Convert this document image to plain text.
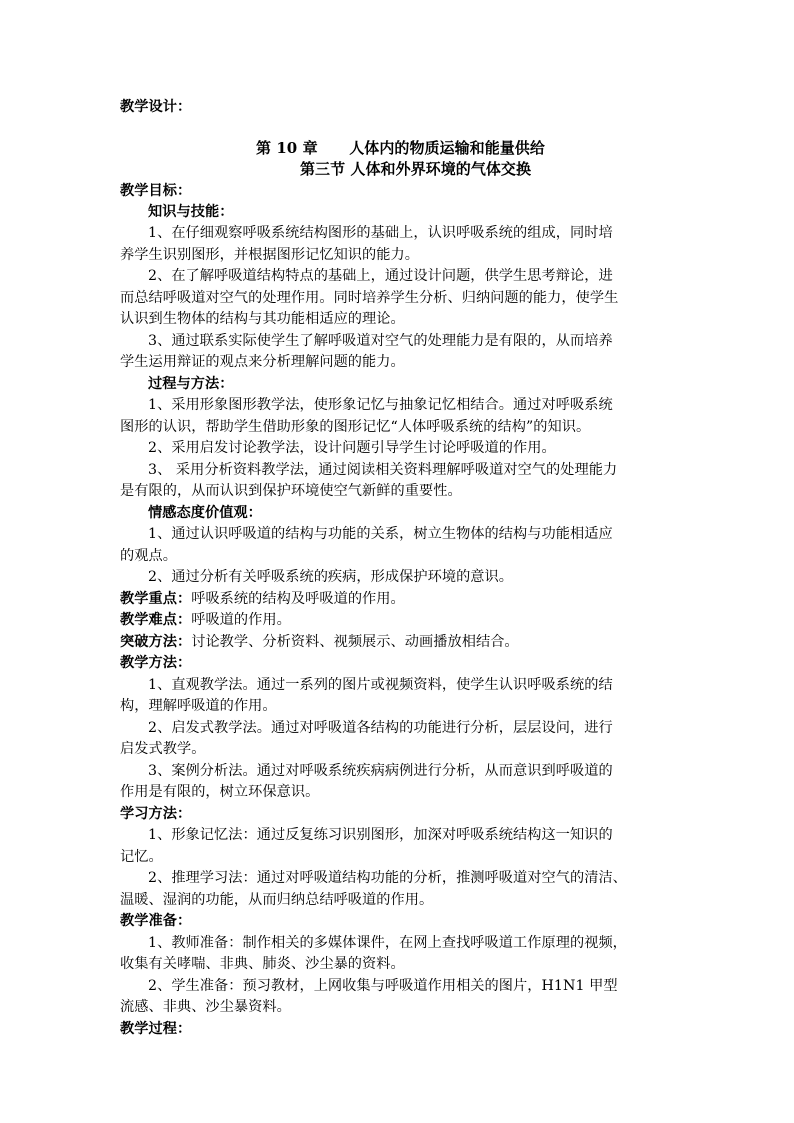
教学设计：
第 10 章      人体内的物质运输和能量供给
第三节 人体和外界环境的气体交换
教学目标：
知识与技能：
1、在仔细观察呼吸系统结构图形的基础上，认识呼吸系统的组成，同时培
养学生识别图形，并根据图形记忆知识的能力。
2、在了解呼吸道结构特点的基础上，通过设计问题，供学生思考辩论，进
而总结呼吸道对空气的处理作用。同时培养学生分析、归纳问题的能力，使学生
认识到生物体的结构与其功能相适应的理论。
3、通过联系实际使学生了解呼吸道对空气的处理能力是有限的，从而培养
学生运用辩证的观点来分析理解问题的能力。
过程与方法：
1、采用形象图形教学法，使形象记忆与抽象记忆相结合。通过对呼吸系统
图形的认识，帮助学生借助形象的图形记忆“人体呼吸系统的结构”的知识。
2、采用启发讨论教学法，设计问题引导学生讨论呼吸道的作用。
3、 采用分析资料教学法，通过阅读相关资料理解呼吸道对空气的处理能力
是有限的，从而认识到保护环境使空气新鲜的重要性。
情感态度价值观：
1、通过认识呼吸道的结构与功能的关系，树立生物体的结构与功能相适应
的观点。
2、通过分析有关呼吸系统的疾病，形成保护环境的意识。
教学重点：呼吸系统的结构及呼吸道的作用。
教学难点：呼吸道的作用。
突破方法：讨论教学、分析资料、视频展示、动画播放相结合。
教学方法：
1、直观教学法。通过一系列的图片或视频资料，使学生认识呼吸系统的结
构，理解呼吸道的作用。
2、启发式教学法。通过对呼吸道各结构的功能进行分析，层层设问，进行
启发式教学。
3、案例分析法。通过对呼吸系统疾病病例进行分析，从而意识到呼吸道的
作用是有限的，树立环保意识。
学习方法：
1、形象记忆法：通过反复练习识别图形，加深对呼吸系统结构这一知识的
记忆。
2、推理学习法：通过对呼吸道结构功能的分析，推测呼吸道对空气的清洁、
温暖、湿润的功能，从而归纳总结呼吸道的作用。
教学准备：
1、教师准备：制作相关的多媒体课件，在网上查找呼吸道工作原理的视频，
收集有关哮喘、非典、肺炎、沙尘暴的资料。
2、学生准备：预习教材，上网收集与呼吸道作用相关的图片，H1N1 甲型
流感、非典、沙尘暴资料。
教学过程：
